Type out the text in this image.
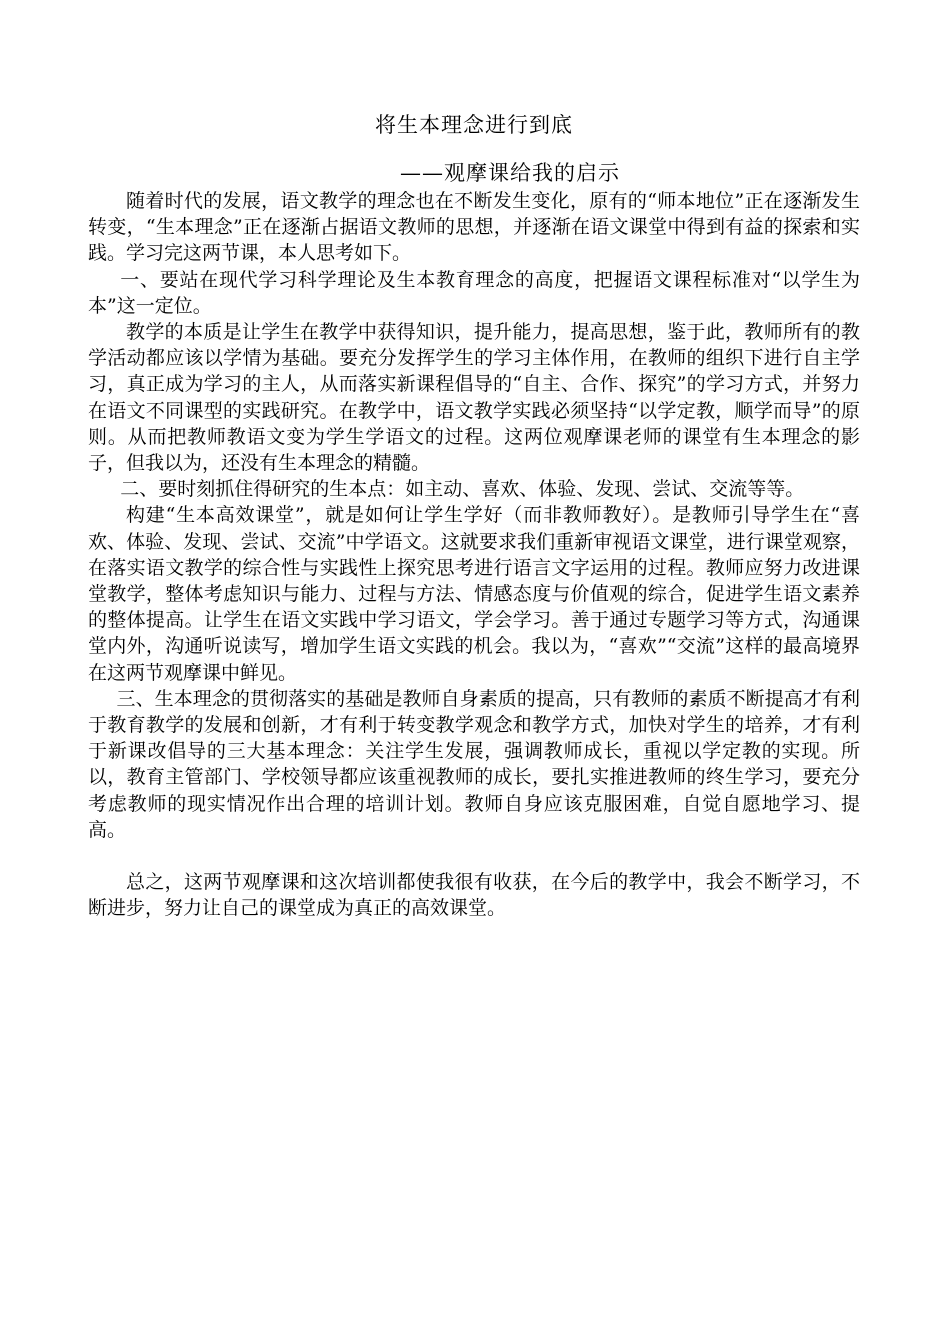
将生本理念进行到底

——观摩课给我的启示

随着时代的发展，语文教学的理念也在不断发生变化，原有的“师本地位”正在逐渐发生转变，“生本理念”正在逐渐占据语文教师的思想，并逐渐在语文课堂中得到有益的探索和实践。学习完这两节课，本人思考如下。

一、要站在现代学习科学理论及生本教育理念的高度，把握语文课程标准对“以学生为本”这一定位。

教学的本质是让学生在教学中获得知识，提升能力，提高思想，鉴于此，教师所有的教学活动都应该以学情为基础。要充分发挥学生的学习主体作用，在教师的组织下进行自主学习，真正成为学习的主人，从而落实新课程倡导的“自主、合作、探究”的学习方式，并努力在语文不同课型的实践研究。在教学中，语文教学实践必须坚持“以学定教，顺学而导”的原则。从而把教师教语文变为学生学语文的过程。这两位观摩课老师的课堂有生本理念的影子，但我以为，还没有生本理念的精髓。

二、要时刻抓住得研究的生本点：如主动、喜欢、体验、发现、尝试、交流等等。

构建“生本高效课堂”，就是如何让学生学好（而非教师教好）。是教师引导学生在“喜欢、体验、发现、尝试、交流”中学语文。这就要求我们重新审视语文课堂，进行课堂观察，在落实语文教学的综合性与实践性上探究思考进行语言文字运用的过程。教师应努力改进课堂教学，整体考虑知识与能力、过程与方法、情感态度与价值观的综合，促进学生语文素养的整体提高。让学生在语文实践中学习语文，学会学习。善于通过专题学习等方式，沟通课堂内外，沟通听说读写，增加学生语文实践的机会。我以为，“喜欢”“交流”这样的最高境界在这两节观摩课中鲜见。

三、生本理念的贯彻落实的基础是教师自身素质的提高，只有教师的素质不断提高才有利于教育教学的发展和创新，才有利于转变教学观念和教学方式，加快对学生的培养，才有利于新课改倡导的三大基本理念：关注学生发展，强调教师成长，重视以学定教的实现。所以，教育主管部门、学校领导都应该重视教师的成长，要扎实推进教师的终生学习，要充分考虑教师的现实情况作出合理的培训计划。教师自身应该克服困难，自觉自愿地学习、提高。

总之，这两节观摩课和这次培训都使我很有收获，在今后的教学中，我会不断学习，不断进步，努力让自己的课堂成为真正的高效课堂。
